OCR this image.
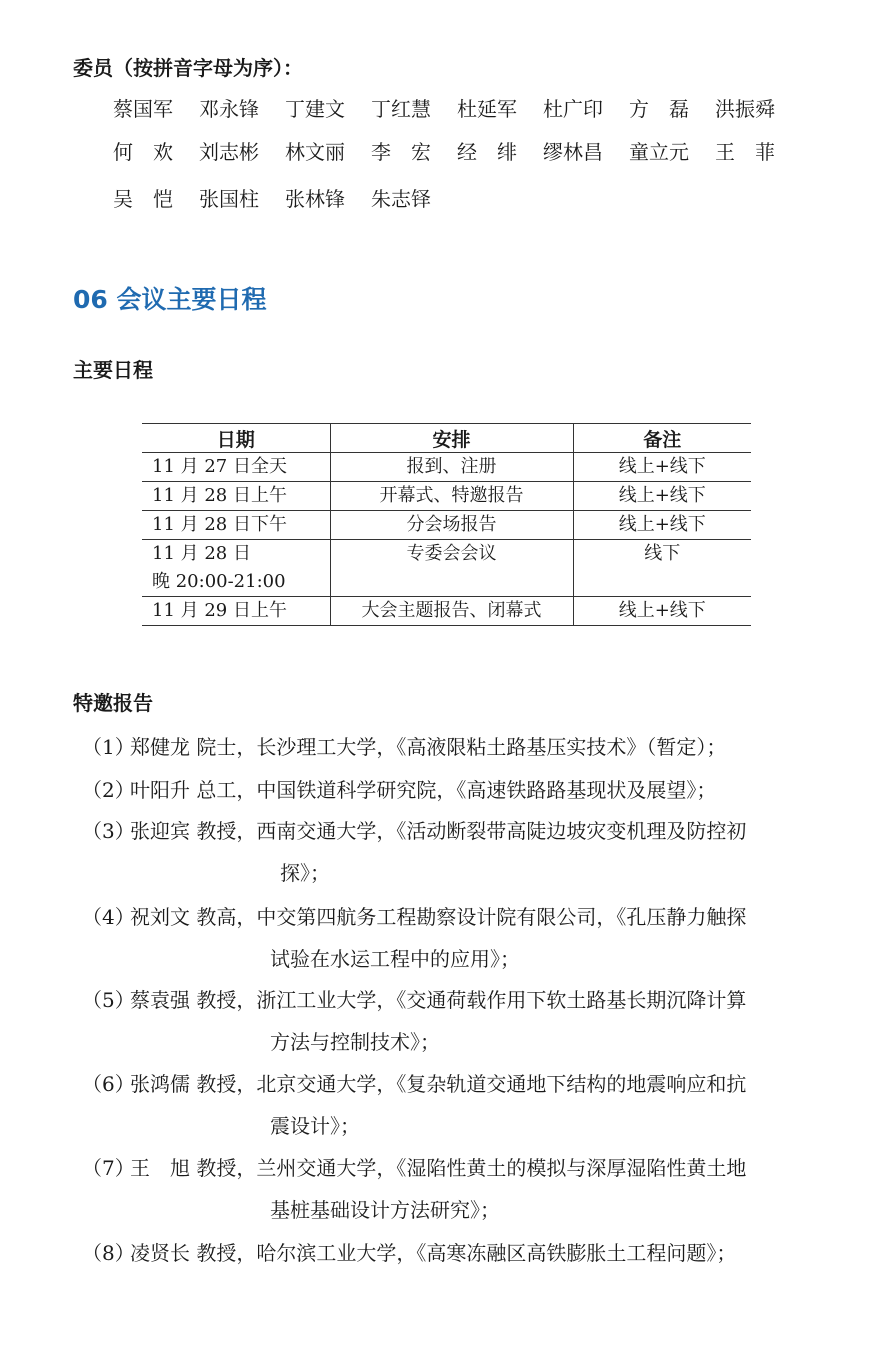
委员（按拼音字母为序）：
蔡国军 邓永锋 丁建文 丁红慧 杜延军 杜广印 方　磊 洪振舜
何　欢 刘志彬 林文丽 李　宏 经　绯 缪林昌 童立元 王　菲
吴　恺 张国柱 张林锋 朱志铎
06 会议主要日程
主要日程
日期	安排	备注
11 月 27 日全天	报到、注册	线上+线下
11 月 28 日上午	开幕式、特邀报告	线上+线下
11 月 28 日下午	分会场报告	线上+线下

11 月 28 日
晚 20:00-21:00	专委会会议	线下
11 月 29 日上午	大会主题报告、闭幕式	线上+线下
特邀报告
（1）郑健龙 院士，长沙理工大学，《高液限粘土路基压实技术》（暂定）；
（2）叶阳升 总工，中国铁道科学研究院，《高速铁路路基现状及展望》；
（3）张迎宾 教授，西南交通大学，《活动断裂带高陡边坡灾变机理及防控初
探》；
（4）祝刘文 教高，中交第四航务工程勘察设计院有限公司，《孔压静力触探
试验在水运工程中的应用》；
（5）蔡袁强 教授，浙江工业大学，《交通荷载作用下软土路基长期沉降计算
方法与控制技术》；
（6）张鸿儒 教授，北京交通大学，《复杂轨道交通地下结构的地震响应和抗
震设计》；
（7）王　旭 教授，兰州交通大学，《湿陷性黄土的模拟与深厚湿陷性黄土地
基桩基础设计方法研究》；
（8）凌贤长 教授，哈尔滨工业大学，《高寒冻融区高铁膨胀土工程问题》；
